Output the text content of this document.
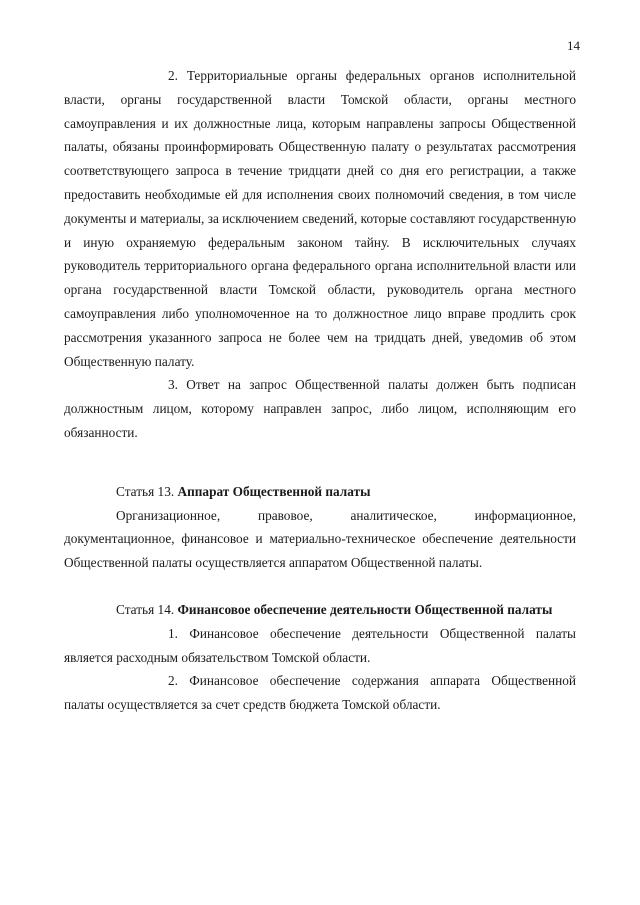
14

2. Территориальные органы федеральных органов исполнительной власти, органы государственной власти Томской области, органы местного самоуправления и их должностные лица, которым направлены запросы Общественной палаты, обязаны проинформировать Общественную палату о результатах рассмотрения соответствующего запроса в течение тридцати дней со дня его регистрации, а также предоставить необходимые ей для исполнения своих полномочий сведения, в том числе документы и материалы, за исключением сведений, которые составляют государственную и иную охраняемую федеральным законом тайну. В исключительных случаях руководитель территориального органа федерального органа исполнительной власти или органа государственной власти Томской области, руководитель органа местного самоуправления либо уполномоченное на то должностное лицо вправе продлить срок рассмотрения указанного запроса не более чем на тридцать дней, уведомив об этом Общественную палату.

3. Ответ на запрос Общественной палаты должен быть подписан должностным лицом, которому направлен запрос, либо лицом, исполняющим его обязанности.

Статья 13. Аппарат Общественной палаты

Организационное, правовое, аналитическое, информационное, документационное, финансовое и материально-техническое обеспечение деятельности Общественной палаты осуществляется аппаратом Общественной палаты.

Статья 14. Финансовое обеспечение деятельности Общественной палаты

1. Финансовое обеспечение деятельности Общественной палаты является расходным обязательством Томской области.

2. Финансовое обеспечение содержания аппарата Общественной палаты осуществляется за счет средств бюджета Томской области.
